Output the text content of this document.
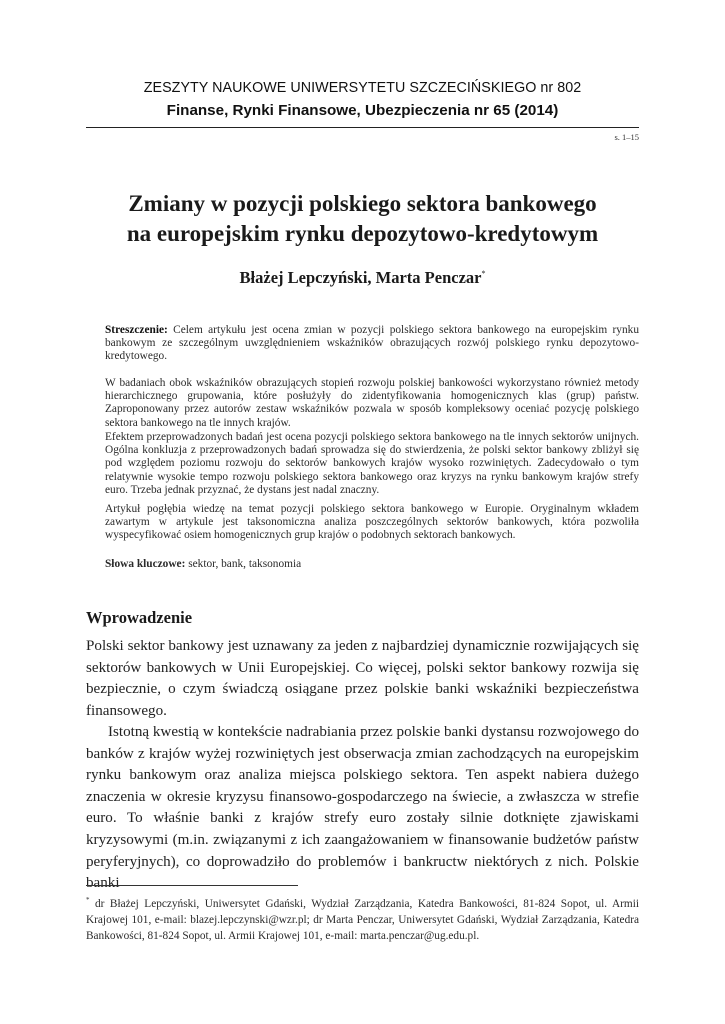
ZESZYTY NAUKOWE UNIWERSYTETU SZCZECIŃSKIEGO nr 802
Finanse, Rynki Finansowe, Ubezpieczenia nr 65 (2014)
s. 1–15
Zmiany w pozycji polskiego sektora bankowego
na europejskim rynku depozytowo-kredytowym
Błażej Lepczyński, Marta Penczar*

Streszczenie: Celem artykułu jest ocena zmian w pozycji polskiego sektora bankowego na europejskim rynku bankowym ze szczególnym uwzględnieniem wskaźników obrazujących rozwój polskiego rynku depozytowo-kredytowego.

W badaniach obok wskaźników obrazujących stopień rozwoju polskiej bankowości wykorzystano również metody hierarchicznego grupowania, które posłużyły do zidentyfikowania homogenicznych klas (grup) państw. Zaproponowany przez autorów zestaw wskaźników pozwala w sposób kompleksowy oceniać pozycję polskiego sektora bankowego na tle innych krajów.

Efektem przeprowadzonych badań jest ocena pozycji polskiego sektora bankowego na tle innych sektorów unijnych. Ogólna konkluzja z przeprowadzonych badań sprowadza się do stwierdzenia, że polski sektor bankowy zbliżył się pod względem poziomu rozwoju do sektorów bankowych krajów wysoko rozwiniętych. Zadecydowało o tym relatywnie wysokie tempo rozwoju polskiego sektora bankowego oraz kryzys na rynku bankowym krajów strefy euro. Trzeba jednak przyznać, że dystans jest nadal znaczny.

Artykuł pogłębia wiedzę na temat pozycji polskiego sektora bankowego w Europie. Oryginalnym wkładem zawartym w artykule jest taksonomiczna analiza poszczególnych sektorów bankowych, która pozwoliła wyspecyfikować osiem homogenicznych grup krajów o podobnych sektorach bankowych.

Słowa kluczowe: sektor, bank, taksonomia
Wprowadzenie

Polski sektor bankowy jest uznawany za jeden z najbardziej dynamicznie rozwijających się sektorów bankowych w Unii Europejskiej. Co więcej, polski sektor bankowy rozwija się bezpiecznie, o czym świadczą osiągane przez polskie banki wskaźniki bezpieczeństwa finansowego.

Istotną kwestią w kontekście nadrabiania przez polskie banki dystansu rozwojowego do banków z krajów wyżej rozwiniętych jest obserwacja zmian zachodzących na europejskim rynku bankowym oraz analiza miejsca polskiego sektora. Ten aspekt nabiera dużego znaczenia w okresie kryzysu finansowo-gospodarczego na świecie, a zwłaszcza w strefie euro. To właśnie banki z krajów strefy euro zostały silnie dotknięte zjawiskami kryzysowymi (m.in. związanymi z ich zaangażowaniem w finansowanie budżetów państw peryferyjnych), co doprowadziło do problemów i bankructw niektórych z nich. Polskie banki

* dr Błażej Lepczyński, Uniwersytet Gdański, Wydział Zarządzania, Katedra Bankowości, 81-824 Sopot, ul. Armii Krajowej 101, e-mail: blazej.lepczynski@wzr.pl; dr Marta Penczar, Uniwersytet Gdański, Wydział Zarządzania, Katedra Bankowości, 81-824 Sopot, ul. Armii Krajowej 101, e-mail: marta.penczar@ug.edu.pl.
